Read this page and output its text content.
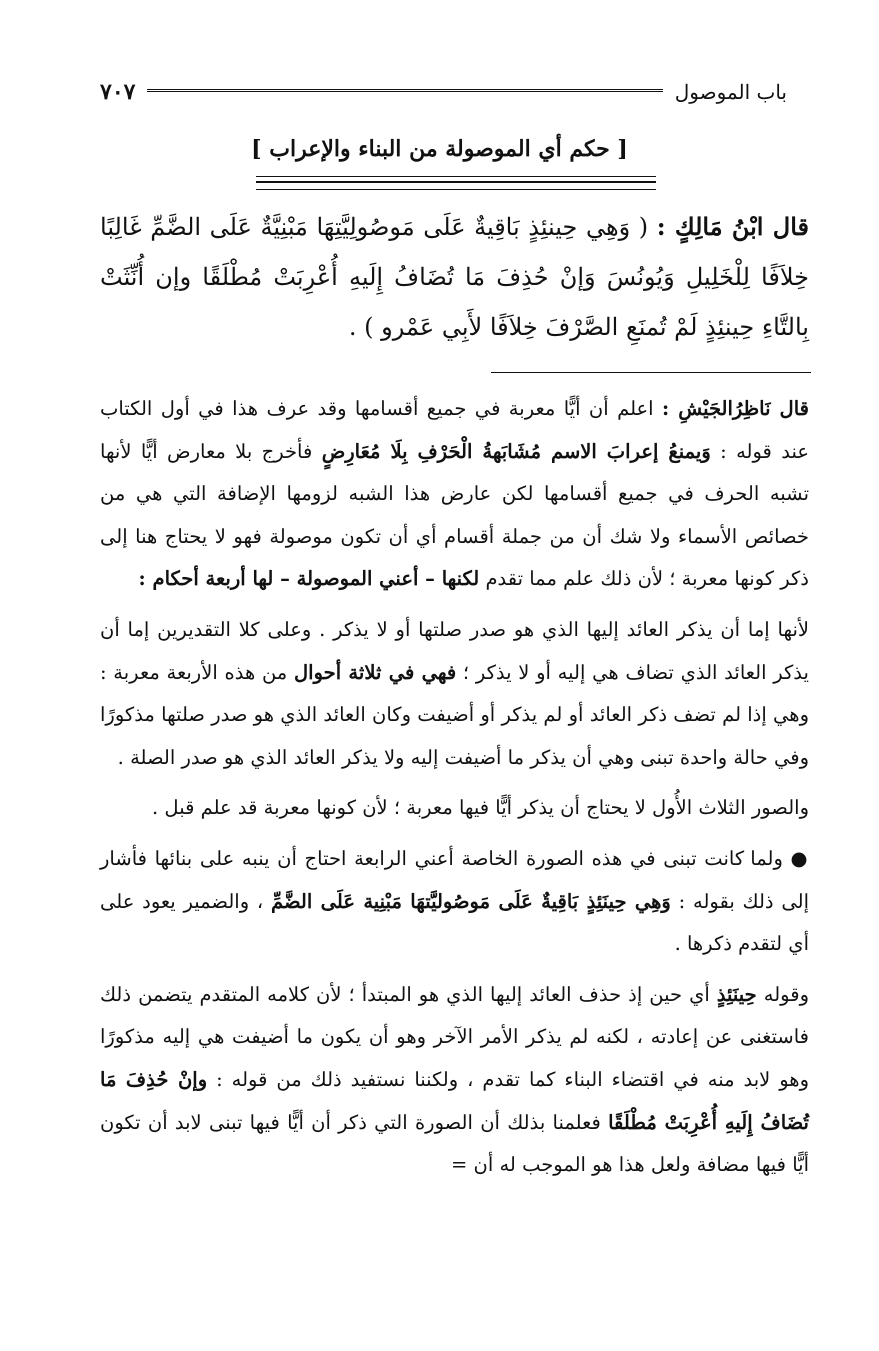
باب الموصول
٧٠٧
[ حكم أي الموصولة من البناء والإعراب ]
قال ابْنُ مَالِكٍ : ( وَهِي حِينئِذٍ بَاقِيةٌ عَلَى مَوصُولِيَّتِهَا مَبْنِيَّةٌ عَلَى الضَّمِّ غَالِبًا خِلاَفًا لِلْخَلِيلِ وَيُونُسَ وَإنْ حُذِفَ مَا تُضَافُ إِلَيهِ أُعْرِبَتْ مُطْلَقًا وإن أُنِّثَتْ بِالتَّاءِ حِينئِذٍ لَمْ تُمنَعِ الصَّرْفَ خِلاَفًا لأَبِي عَمْرو ) .

قال نَاظِرُالجَيْشِ : اعلم أن أيًّا معربة في جميع أقسامها وقد عرف هذا في أول الكتاب عند قوله : وَيمنعُ إعرابَ الاسم مُشَابَهةُ الْحَرْفِ بِلَا مُعَارِضٍ فأخرج بلا معارض أيًّا لأنها تشبه الحرف في جميع أقسامها لكن عارض هذا الشبه لزومها الإضافة التي هي من خصائص الأسماء ولا شك أن من جملة أقسام أي أن تكون موصولة فهو لا يحتاج هنا إلى ذكر كونها معربة ؛ لأن ذلك علم مما تقدم لكنها – أعني الموصولة – لها أربعة أحكام :

لأنها إما أن يذكر العائد إليها الذي هو صدر صلتها أو لا يذكر . وعلى كلا التقديرين إما أن يذكر العائد الذي تضاف هي إليه أو لا يذكر ؛ فهي في ثلاثة أحوال من هذه الأربعة معربة : وهي إذا لم تضف ذكر العائد أو لم يذكر أو أضيفت وكان العائد الذي هو صدر صلتها مذكورًا وفي حالة واحدة تبنى وهي أن يذكر ما أضيفت إليه ولا يذكر العائد الذي هو صدر الصلة .

والصور الثلاث الأُول لا يحتاج أن يذكر أيًّا فيها معربة ؛ لأن كونها معربة قد علم قبل .

● ولما كانت تبنى في هذه الصورة الخاصة أعني الرابعة احتاج أن ينبه على بنائها فأشار إلى ذلك بقوله : وَهِي حِينَئِذٍ بَاقِيةٌ عَلَى مَوصُوليَّتهَا مَبْنِية عَلَى الضَّمِّ ، والضمير يعود على أي لتقدم ذكرها .

وقوله حِينَئِذٍ أي حين إذ حذف العائد إليها الذي هو المبتدأ ؛ لأن كلامه المتقدم يتضمن ذلك فاستغنى عن إعادته ، لكنه لم يذكر الأمر الآخر وهو أن يكون ما أضيفت هي إليه مذكورًا وهو لابد منه في اقتضاء البناء كما تقدم ، ولكننا نستفيد ذلك من قوله : وإنْ حُذِفَ مَا تُضَافُ إِلَيهِ أُعْرِبَتْ مُطْلَقًا فعلمنا بذلك أن الصورة التي ذكر أن أيًّا فيها تبنى لابد أن تكون أيًّا فيها مضافة ولعل هذا هو الموجب له أن =
